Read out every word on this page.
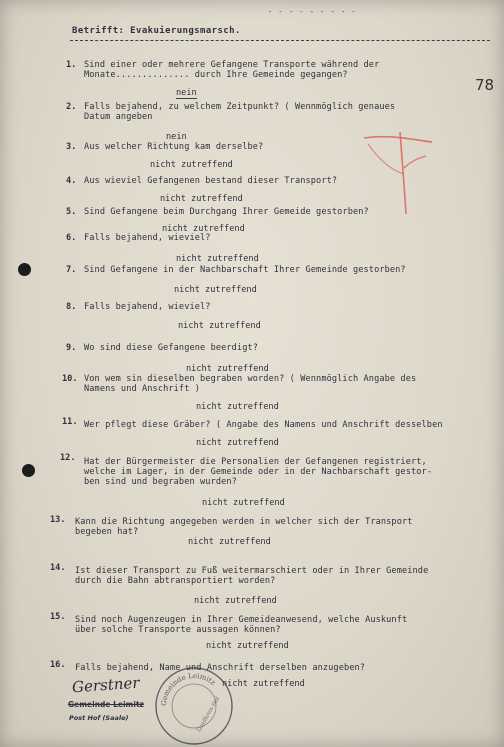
- - - - - - - - -
Betrifft: Evakuierungsmarsch.
78
1. Sind einer oder mehrere Gefangene Transporte während der
Monate.............. durch Ihre Gemeinde gegangen?
nein
2. Falls bejahend, zu welchem Zeitpunkt? ( Wennmöglich genaues
Datum angeben
nein
3. Aus welcher Richtung kam derselbe?
nicht zutreffend
4. Aus wieviel Gefangenen bestand dieser Transport?
nicht zutreffend
5. Sind Gefangene beim Durchgang Ihrer Gemeide gestorben?
nicht zutreffend
6. Falls bejahend, wieviel?
nicht zutreffend
7. Sind Gefangene in der Nachbarschaft Ihrer Gemeinde gestorben?
nicht zutreffend
8. Falls bejahend, wieviel?
nicht zutreffend
9. Wo sind diese Gefangene beerdigt?
nicht zutreffend
10. Von wem sin dieselben begraben worden? ( Wennmöglich Angabe des
Namens und Anschrift )
nicht zutreffend
11. Wer pflegt diese Gräber? ( Angabe des Namens und Anschrift desselben
nicht zutreffend
12. Hat der Bürgermeister die Personalien der Gefangenen registriert,
welche im Lager, in der Gemeinde oder in der Nachbarschaft gestor-
ben sind und begraben wurden?
nicht zutreffend
13. Kann die Richtung angegeben werden in welcher sich der Transport
begeben hat?
nicht zutreffend
14. Ist dieser Transport zu Fuß weitermarschiert oder in Ihrer Gemeinde
durch die Bahn abtransportiert worden?
nicht zutreffend
15. Sind noch Augenzeugen in Ihrer Gemeideanwesend, welche Auskunft
über solche Transporte aussagen können?
nicht zutreffend
16. Falls bejahend, Name und Anschrift derselben anzugeben?
nicht zutreffend
Gerstner
Gemeinde Leimitz
Post Hof (Saale)
Gemeinde Leimitz
Landkreis Hof
